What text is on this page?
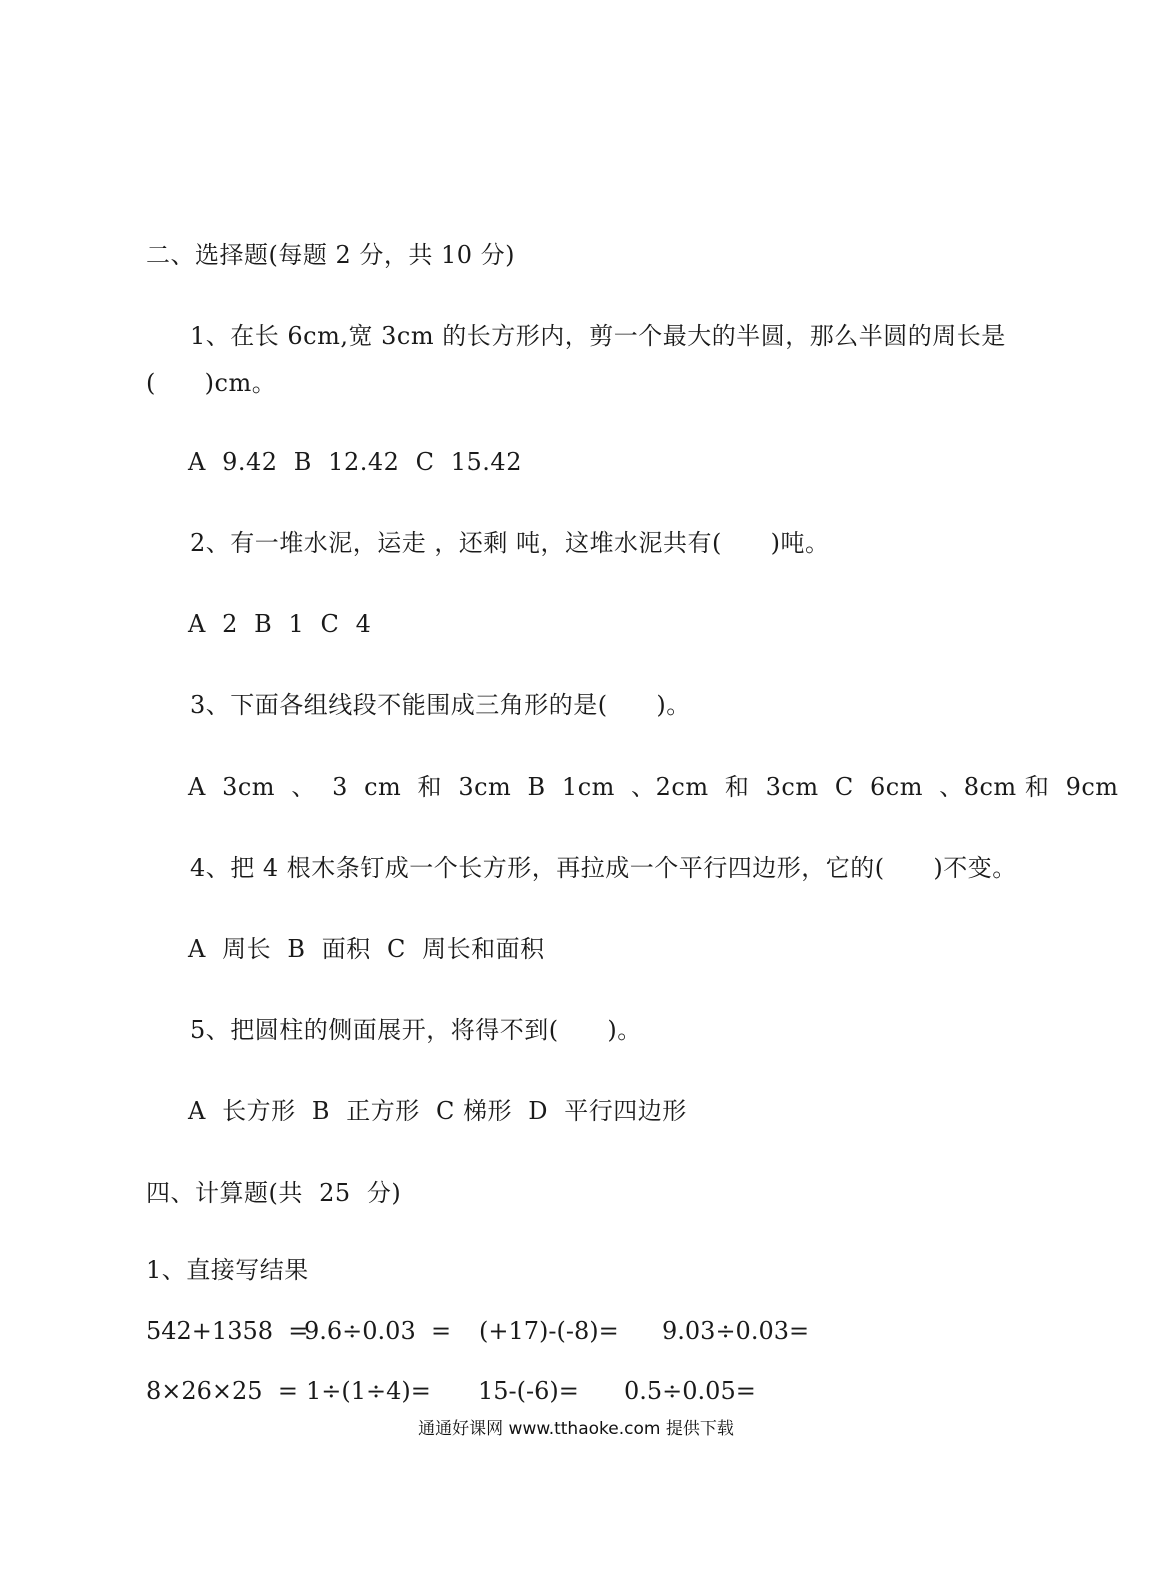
二、选择题(每题 2 分，共 10 分)
1、在长 6cm,宽 3cm 的长方形内，剪一个最大的半圆，那么半圆的周长是
(      )cm。
A  9.42  B  12.42  C  15.42
2、有一堆水泥，运走 ，还剩 吨，这堆水泥共有(      )吨。
A  2  B  1  C  4
3、下面各组线段不能围成三角形的是(      )。
A  3cm  、  3  cm  和  3cm  B  1cm  、2cm  和  3cm  C  6cm  、8cm 和  9cm
4、把 4 根木条钉成一个长方形，再拉成一个平行四边形，它的(      )不变。
A  周长  B  面积  C  周长和面积
5、把圆柱的侧面展开，将得不到(      )。
A  长方形  B  正方形  C 梯形  D  平行四边形
四、计算题(共  25  分)
1、直接写结果
542+1358  =
9.6÷0.03  = (+17)-(-8)= 9.03÷0.03=
8×26×25  = 1÷(1÷4)= 15-(-6)= 0.5÷0.05=
通通好课网 www.tthaoke.com 提供下载
